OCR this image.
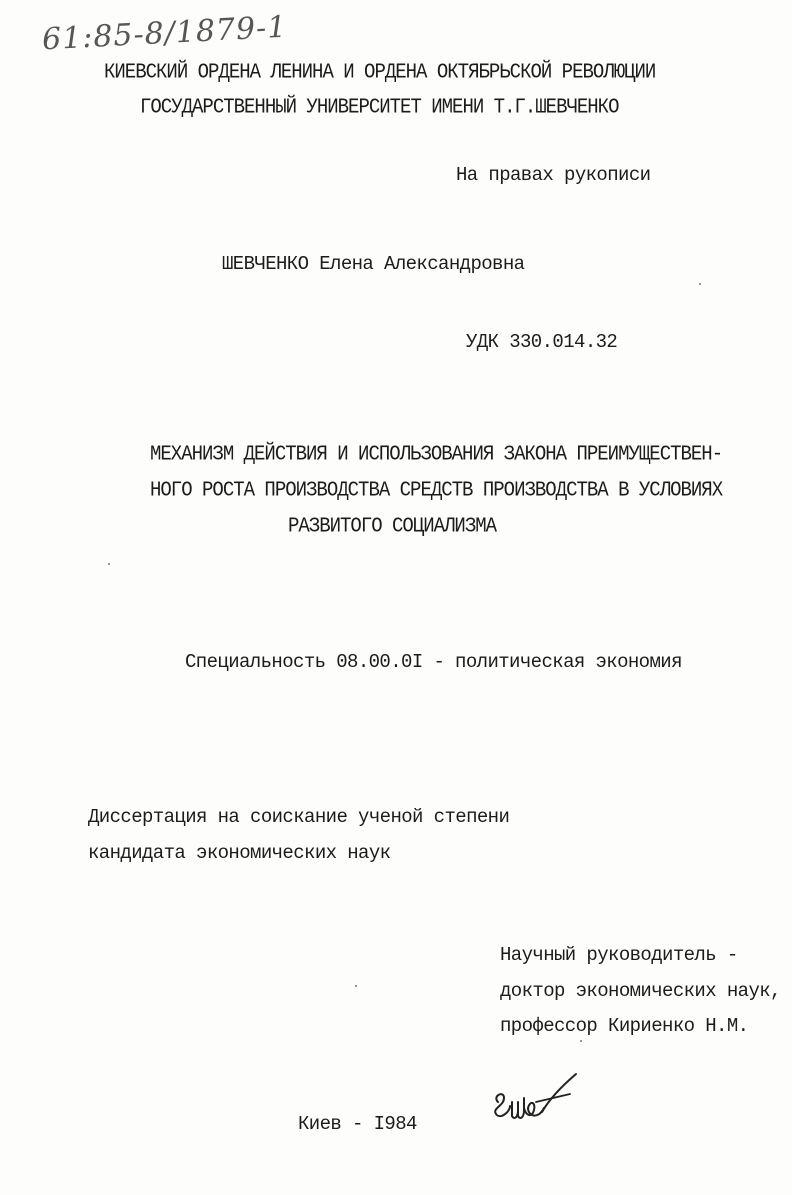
61:85-8/1879-1
КИЕВСКИЙ ОРДЕНА ЛЕНИНА И ОРДЕНА ОКТЯБРЬСКОЙ РЕВОЛЮЦИИ
ГОСУДАРСТВЕННЫЙ УНИВЕРСИТЕТ ИМЕНИ Т.Г.ШЕВЧЕНКО
На правах рукописи
ШЕВЧЕНКО Елена Александровна
УДК 330.014.32
МЕХАНИЗМ ДЕЙСТВИЯ И ИСПОЛЬЗОВАНИЯ ЗАКОНА ПРЕИМУЩЕСТВЕН-
НОГО РОСТА ПРОИЗВОДСТВА СРЕДСТВ ПРОИЗВОДСТВА В УСЛОВИЯХ
РАЗВИТОГО СОЦИАЛИЗМА
Специальность 08.00.0I - политическая экономия
Диссертация на соискание ученой степени
кандидата экономических наук
Научный руководитель -
доктор экономических наук,
профессор Кириенко Н.М.
Киев - I984
